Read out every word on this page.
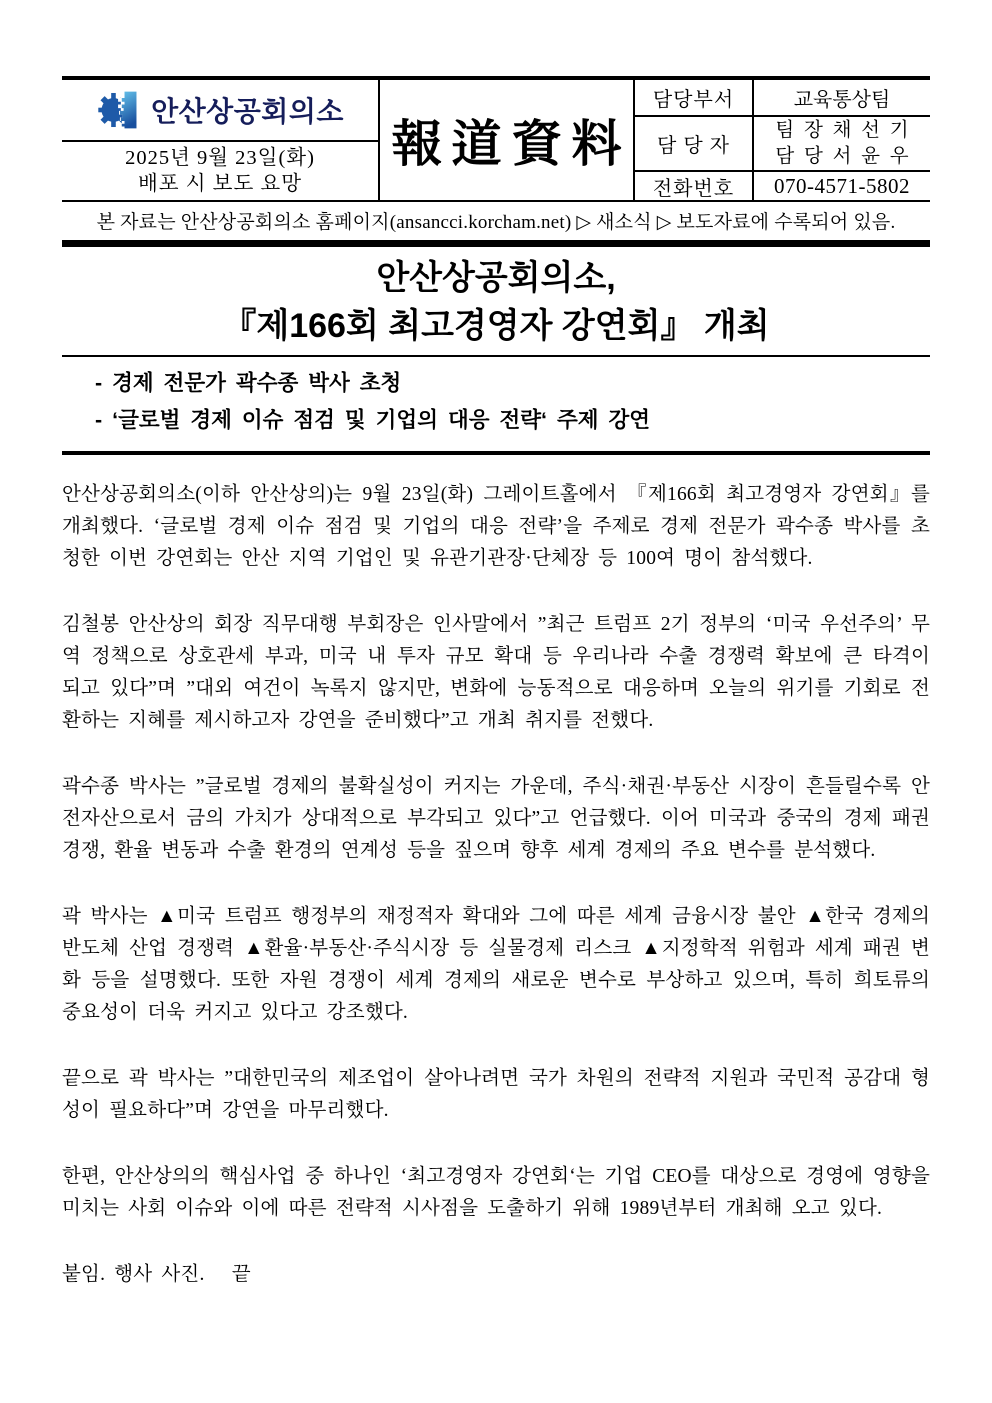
안산상공회의소
2025년 9월 23일(화)
배포 시 보도 요망
報道資料
담당부서	교육통상팀
담 당 자
팀  장  채  선  기
담  당  서  윤  우
전화번호	070-4571-5802
본 자료는 안산상공회의소 홈페이지(ansancci.korcham.net) ▷ 새소식 ▷ 보도자료에 수록되어 있음.
안산상공회의소,
『제166회 최고경영자 강연회』 개최
- 경제 전문가 곽수종 박사 초청
- ‘글로벌 경제 이슈 점검 및 기업의 대응 전략‘ 주제 강연

안산상공회의소(이하 안산상의)는 9월 23일(화) 그레이트홀에서 『제166회 최고경영자 강연회』를 개최했다. ‘글로벌 경제 이슈 점검 및 기업의 대응 전략’을 주제로 경제 전문가 곽수종 박사를 초청한 이번 강연회는 안산 지역 기업인 및 유관기관장·단체장 등 100여 명이 참석했다.

김철봉 안산상의 회장 직무대행 부회장은 인사말에서 ”최근 트럼프 2기 정부의 ‘미국 우선주의’ 무역 정책으로 상호관세 부과, 미국 내 투자 규모 확대 등 우리나라 수출 경쟁력 확보에 큰 타격이 되고 있다”며 ”대외 여건이 녹록지 않지만, 변화에 능동적으로 대응하며 오늘의 위기를 기회로 전환하는 지혜를 제시하고자 강연을 준비했다”고 개최 취지를 전했다.

곽수종 박사는 ”글로벌 경제의 불확실성이 커지는 가운데, 주식·채권·부동산 시장이 흔들릴수록 안전자산으로서 금의 가치가 상대적으로 부각되고 있다”고 언급했다. 이어 미국과 중국의 경제 패권 경쟁, 환율 변동과 수출 환경의 연계성 등을 짚으며 향후 세계 경제의 주요 변수를 분석했다.

곽 박사는 ▲미국 트럼프 행정부의 재정적자 확대와 그에 따른 세계 금융시장 불안 ▲한국 경제의 반도체 산업 경쟁력 ▲환율·부동산·주식시장 등 실물경제 리스크 ▲지정학적 위험과 세계 패권 변화 등을 설명했다. 또한 자원 경쟁이 세계 경제의 새로운 변수로 부상하고 있으며, 특히 희토류의 중요성이 더욱 커지고 있다고 강조했다.

끝으로 곽 박사는 ”대한민국의 제조업이 살아나려면 국가 차원의 전략적 지원과 국민적 공감대 형성이 필요하다”며 강연을 마무리했다.

한편, 안산상의의 핵심사업 중 하나인 ‘최고경영자 강연회‘는 기업 CEO를 대상으로 경영에 영향을 미치는 사회 이슈와 이에 따른 전략적 시사점을 도출하기 위해 1989년부터 개최해 오고 있다.

붙임. 행사 사진.   끝
